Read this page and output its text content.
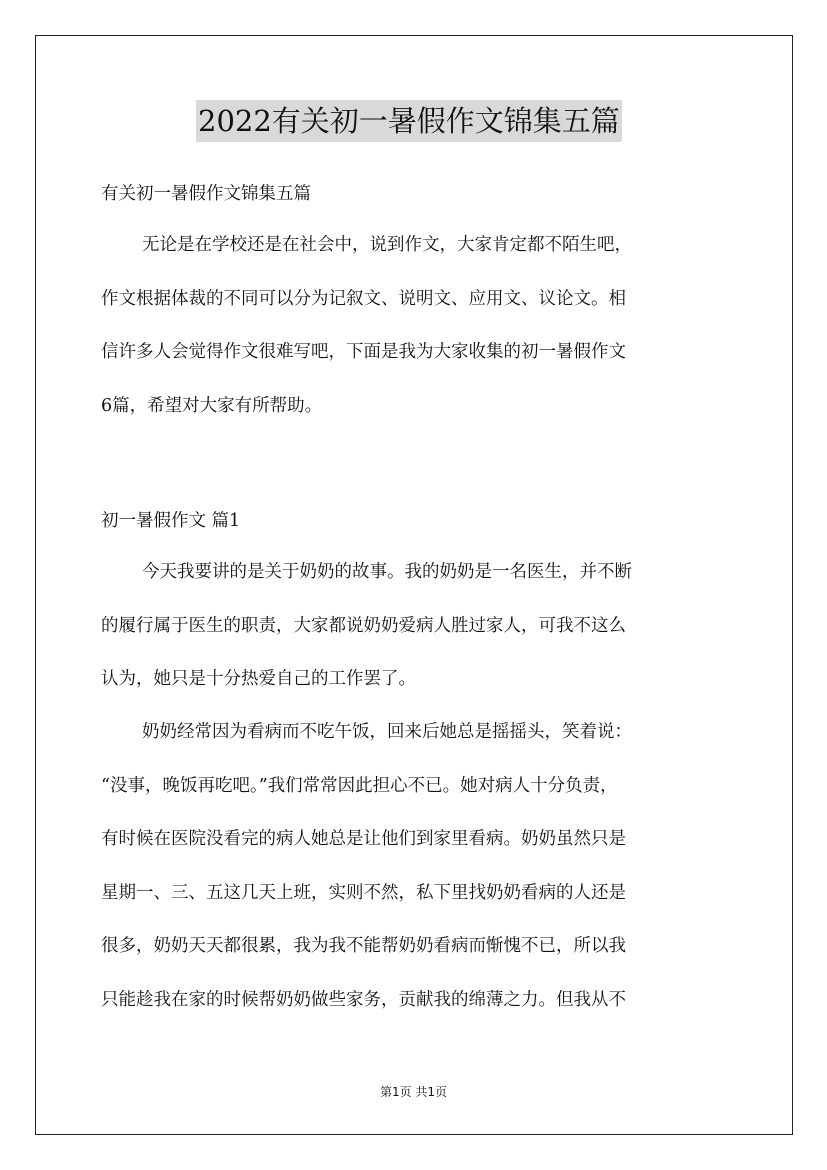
2022有关初一暑假作文锦集五篇
有关初一暑假作文锦集五篇
无论是在学校还是在社会中，说到作文，大家肯定都不陌生吧，
作文根据体裁的不同可以分为记叙文、说明文、应用文、议论文。相
信许多人会觉得作文很难写吧，下面是我为大家收集的初一暑假作文
6篇，希望对大家有所帮助。
初一暑假作文 篇1
今天我要讲的是关于奶奶的故事。我的奶奶是一名医生，并不断
的履行属于医生的职责，大家都说奶奶爱病人胜过家人，可我不这么
认为，她只是十分热爱自己的工作罢了。
奶奶经常因为看病而不吃午饭，回来后她总是摇摇头，笑着说：
“没事，晚饭再吃吧。”我们常常因此担心不已。她对病人十分负责，
有时候在医院没看完的病人她总是让他们到家里看病。奶奶虽然只是
星期一、三、五这几天上班，实则不然，私下里找奶奶看病的人还是
很多，奶奶天天都很累，我为我不能帮奶奶看病而惭愧不已，所以我
只能趁我在家的时候帮奶奶做些家务，贡献我的绵薄之力。但我从不
第1页 共1页
